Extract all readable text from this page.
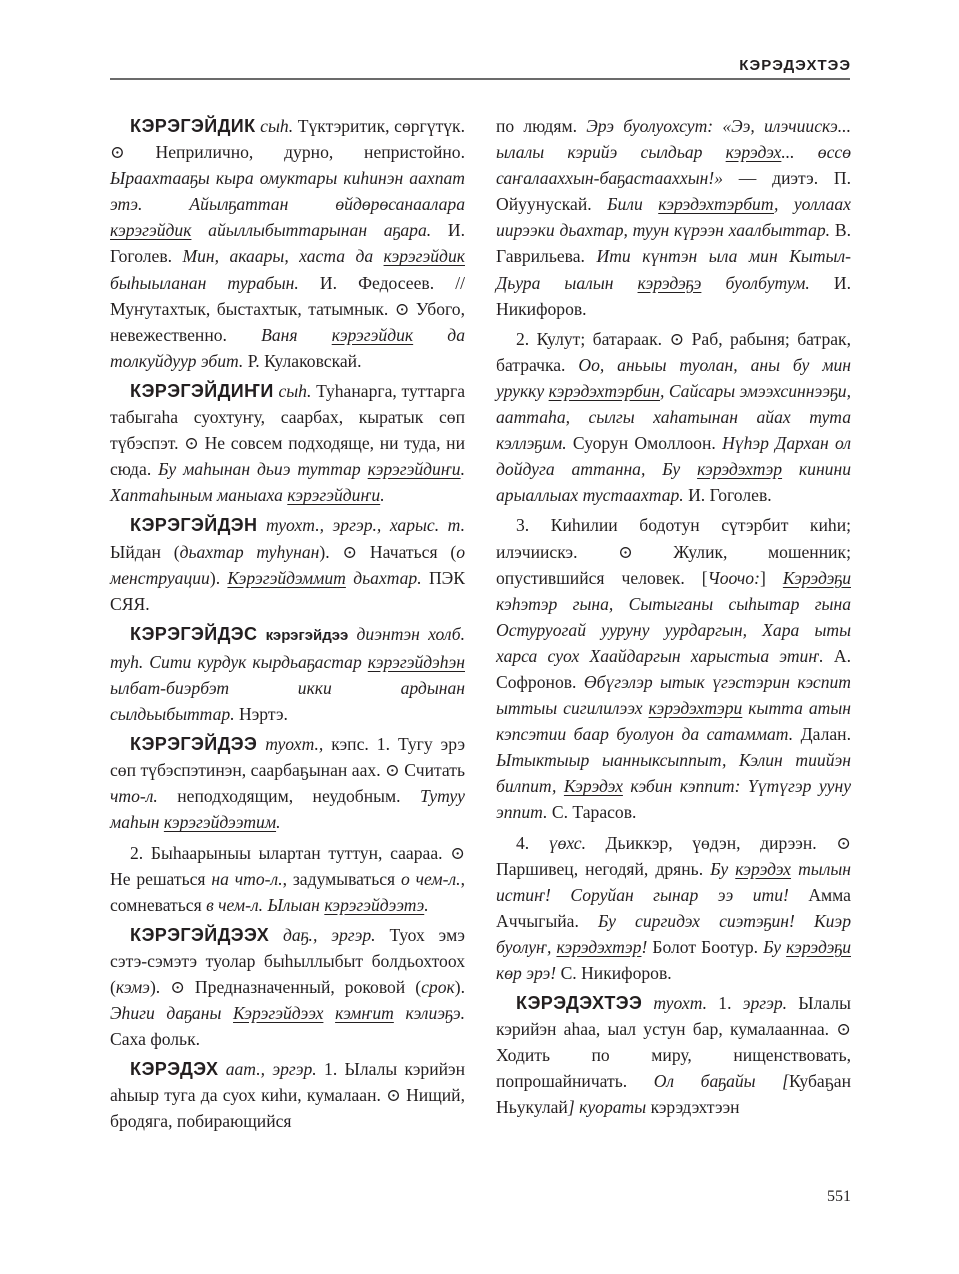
КЭРЭДЭХТЭЭ

КЭРЭГЭЙДИК сыһ. Түктэритик, сөргүтүк. ⊙ Неприлично, дурно, непристойно. Ыраахтааҕы кыра омуктары киһинэн аахпат этэ. Айылҕаттан өйдөрөсанаалара кэрэгэйдик айыллыбыттарынан аҕара. И. Гоголев. Мин, акаары, хаста да кэрэгэйдик быһыыланан турабын. И. Федосеев. // Муҥутахтык, быстахтык, татымнык. ⊙ Убого, невежественно. Ваня кэрэгэйдик да толкуйдуур эбит. Р. Кулаковскай.

КЭРЭГЭЙДИҤИ сыһ. Туһанарга, туттарга табыгаһа суохтуҥу, саарбах, кыратык сөп түбэспэт. ⊙ Не совсем подходяще, ни туда, ни сюда. Бу маһынан дьиэ туттар кэрэгэйдиҥи. Хаптаһыным маныаха кэрэгэйдиҥи.

КЭРЭГЭЙДЭН туохт., эргэр., харыс. т. Ыйдан (дьахтар туһунан). ⊙ Начаться (о менструации). Кэрэгэйдэммит дьахтар. ПЭК СЯЯ.

КЭРЭГЭЙДЭС кэрэгэйдээ диэнтэн холб. туһ. Сити курдук кырдьаҕастар кэрэгэйдэһэн ылбат-биэрбэт икки ардынан сылдьыбыттар. Нэртэ.

КЭРЭГЭЙДЭЭ туохт., кэпс. 1. Тугу эрэ сөп түбэспэтинэн, саарбаҕынан аах. ⊙ Считать что-л. неподходящим, неудобным. Тутуу маһын кэрэгэйдээтим.

2. Быһаарыныы ылартан туттун, саараа. ⊙ Не решаться на что-л., задумываться о чем-л., сомневаться в чем-л. Ылыан кэрэгэйдээтэ.

КЭРЭГЭЙДЭЭХ даҕ., эргэр. Туох эмэ сэтэ-сэмэтэ туолар быһыллыбыт болдьохтоох (кэмэ). ⊙ Предназначенный, роковой (срок). Эһиги даҕаны Кэрэгэйдээх кэмҥит кэлиэҕэ. Саха фольк.

КЭРЭДЭХ аат., эргэр. 1. Ылалы кэрийэн аһыыр туга да суох киһи, кумалаан. ⊙ Нищий, бродяга, побирающийся

по людям. Эрэ буолуохсут: «Ээ, илэчиискэ... ылалы кэрийэ сылдьар кэрэдэх... өссө саҥалааххын-баҕастааххын!» — диэтэ. П. Ойуунускай. Били кэрэдэхтэрбит, уоллаах иирээки дьахтар, туун күрээн хаалбыттар. В. Гаврильева. Ити күнтэн ыла мин Кытыл-Дьура ыалын кэрэдэҕэ буолбутум. И. Никифоров.

2. Кулут; батараак. ⊙ Раб, рабыня; батрак, батрачка. Оо, аньыы туолан, аны бу мин урукку кэрэдэхтэрбин, Сайсары эмээхсиннээҕи, ааттаһа, сылгы хаһатынан айах тута кэллэҕим. Суорун Омоллоон. Нүһэр Дархан ол дойдуга аттанна, Бу кэрэдэхтэр кинини арыаллыах тустаахтар. И. Гоголев.

3. Киһилии бодотун сүтэрбит киһи; илэчиискэ. ⊙ Жулик, мошенник; опустившийся человек. [Чоочо:] Кэрэдэҕи кэһэтэр гына, Сытыганы сыһытар гына Остуруогай ууруну уурдаргын, Хара ыты харса суох Хаайдаргын харыстыа этиҥ. А. Софронов. Өбүгэлэр ытык үгэстэрин кэспит ыттыы сигилилээх кэрэдэхтэри кытта атын кэпсэтии баар буолуон да сатаммат. Далан. Ытыктыыр ыанныксыппыт, Кэлин тиийэн билпит, Кэрэдэх кэбин кэппит: Үүтүгэр ууну эппит. С. Тарасов.

4. үөхс. Дьиккэр, үөдэн, дирээн. ⊙ Паршивец, негодяй, дрянь. Бу кэрэдэх тылын истиҥ! Соруйан гынар ээ ити! Амма Аччыгыйа. Бу сиргидэх сиэтэҕин! Киэр буолуҥ, кэрэдэхтэр! Болот Боотур. Бу кэрэдэҕи көр эрэ! С. Никифоров.

КЭРЭДЭХТЭЭ туохт. 1. эргэр. Ылалы кэрийэн аһаа, ыал устун бар, кумалааннаа. ⊙ Ходить по миру, нищенствовать, попрошайничать. Ол баҕайы [Кубаҕан Ньукулай] куораты кэрэдэхтээн

551
